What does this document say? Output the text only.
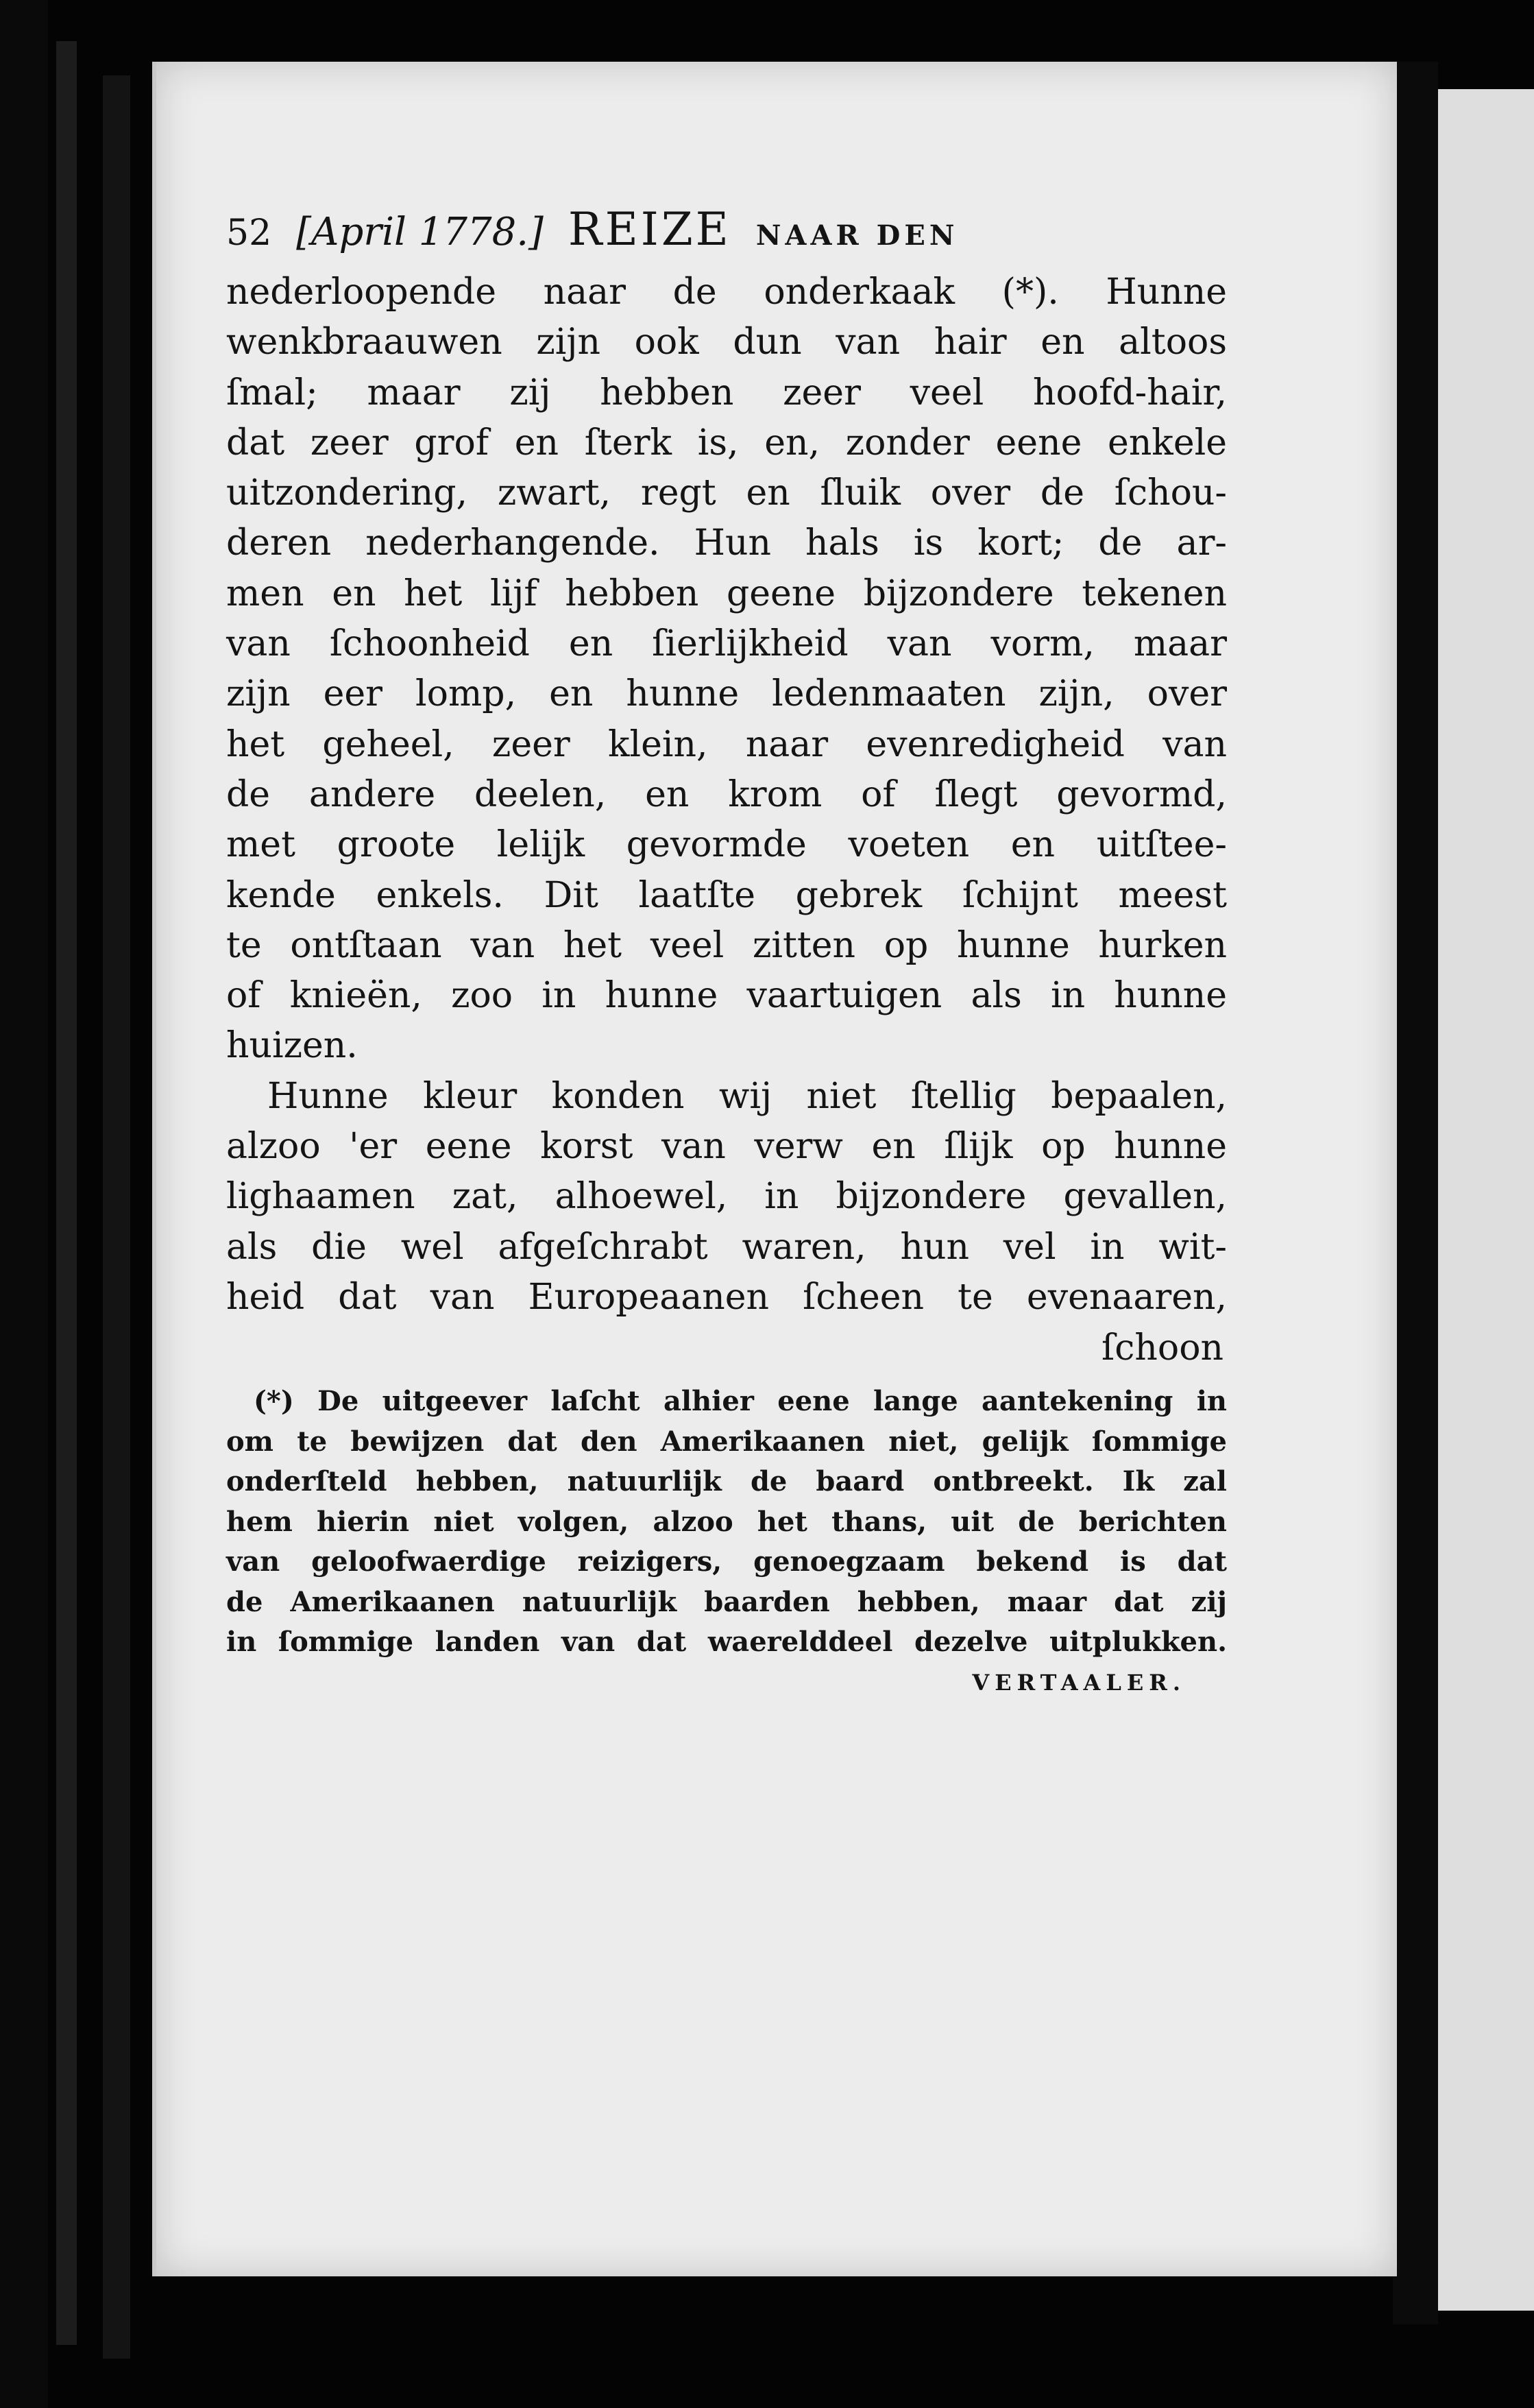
52 [April 1778.] REIZE NAAR DEN
nederloopende naar de onderkaak (*). Hunne
wenkbraauwen zijn ook dun van hair en altoos
ſmal; maar zij hebben zeer veel hoofd-hair,
dat zeer grof en ſterk is, en, zonder eene enkele
uitzondering, zwart, regt en ſluik over de ſchou-
deren nederhangende. Hun hals is kort; de ar-
men en het lijf hebben geene bijzondere tekenen
van ſchoonheid en ſierlijkheid van vorm, maar
zijn eer lomp, en hunne ledenmaaten zijn, over
het geheel, zeer klein, naar evenredigheid van
de andere deelen, en krom of ſlegt gevormd,
met groote lelijk gevormde voeten en uitſtee-
kende enkels. Dit laatſte gebrek ſchijnt meest
te ontſtaan van het veel zitten op hunne hurken
of knieën, zoo in hunne vaartuigen als in hunne
huizen.
Hunne kleur konden wij niet ſtellig bepaalen,
alzoo 'er eene korst van verw en ſlijk op hunne
lighaamen zat, alhoewel, in bijzondere gevallen,
als die wel afgeſchrabt waren, hun vel in wit-
heid dat van Europeaanen ſcheen te evenaaren,
ſchoon
(*) De uitgeever laſcht alhier eene lange aantekening in
om te bewijzen dat den Amerikaanen niet, gelijk ſommige
onderſteld hebben, natuurlijk de baard ontbreekt. Ik zal
hem hierin niet volgen, alzoo het thans, uit de berichten
van geloofwaerdige reizigers, genoegzaam bekend is dat
de Amerikaanen natuurlijk baarden hebben, maar dat zij
in ſommige landen van dat waerelddeel dezelve uitplukken.
VERTAALER.
